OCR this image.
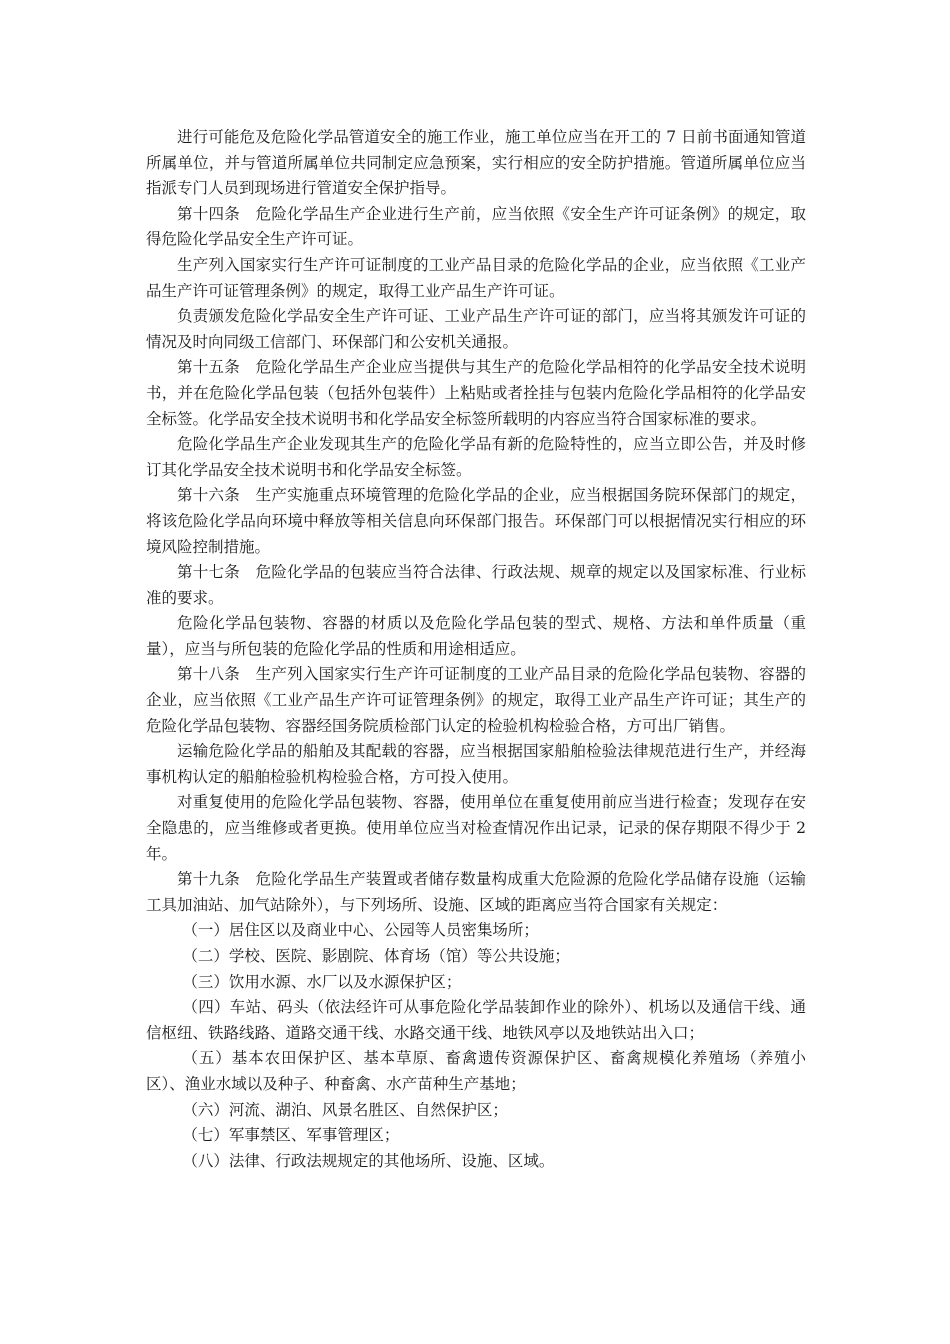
进行可能危及危险化学品管道安全的施工作业，施工单位应当在开工的 7 日前书面通知管道所属单位，并与管道所属单位共同制定应急预案，实行相应的安全防护措施。管道所属单位应当指派专门人员到现场进行管道安全保护指导。

第十四条　危险化学品生产企业进行生产前，应当依照《安全生产许可证条例》的规定，取得危险化学品安全生产许可证。

生产列入国家实行生产许可证制度的工业产品目录的危险化学品的企业，应当依照《工业产品生产许可证管理条例》的规定，取得工业产品生产许可证。

负责颁发危险化学品安全生产许可证、工业产品生产许可证的部门，应当将其颁发许可证的情况及时向同级工信部门、环保部门和公安机关通报。

第十五条　危险化学品生产企业应当提供与其生产的危险化学品相符的化学品安全技术说明书，并在危险化学品包装（包括外包装件）上粘贴或者拴挂与包装内危险化学品相符的化学品安全标签。化学品安全技术说明书和化学品安全标签所载明的内容应当符合国家标准的要求。

危险化学品生产企业发现其生产的危险化学品有新的危险特性的，应当立即公告，并及时修订其化学品安全技术说明书和化学品安全标签。

第十六条　生产实施重点环境管理的危险化学品的企业，应当根据国务院环保部门的规定，将该危险化学品向环境中释放等相关信息向环保部门报告。环保部门可以根据情况实行相应的环境风险控制措施。

第十七条　危险化学品的包装应当符合法律、行政法规、规章的规定以及国家标准、行业标准的要求。

危险化学品包装物、容器的材质以及危险化学品包装的型式、规格、方法和单件质量（重量），应当与所包装的危险化学品的性质和用途相适应。

第十八条　生产列入国家实行生产许可证制度的工业产品目录的危险化学品包装物、容器的企业，应当依照《工业产品生产许可证管理条例》的规定，取得工业产品生产许可证；其生产的危险化学品包装物、容器经国务院质检部门认定的检验机构检验合格，方可出厂销售。

运输危险化学品的船舶及其配载的容器，应当根据国家船舶检验法律规范进行生产，并经海事机构认定的船舶检验机构检验合格，方可投入使用。

对重复使用的危险化学品包装物、容器，使用单位在重复使用前应当进行检查；发现存在安全隐患的，应当维修或者更换。使用单位应当对检查情况作出记录，记录的保存期限不得少于 2 年。

第十九条　危险化学品生产装置或者储存数量构成重大危险源的危险化学品储存设施（运输工具加油站、加气站除外），与下列场所、设施、区域的距离应当符合国家有关规定：

（一）居住区以及商业中心、公园等人员密集场所；

（二）学校、医院、影剧院、体育场（馆）等公共设施；

（三）饮用水源、水厂以及水源保护区；

（四）车站、码头（依法经许可从事危险化学品装卸作业的除外）、机场以及通信干线、通信枢纽、铁路线路、道路交通干线、水路交通干线、地铁风亭以及地铁站出入口；

（五）基本农田保护区、基本草原、畜禽遗传资源保护区、畜禽规模化养殖场（养殖小区）、渔业水域以及种子、种畜禽、水产苗种生产基地；

（六）河流、湖泊、风景名胜区、自然保护区；

（七）军事禁区、军事管理区；

（八）法律、行政法规规定的其他场所、设施、区域。
